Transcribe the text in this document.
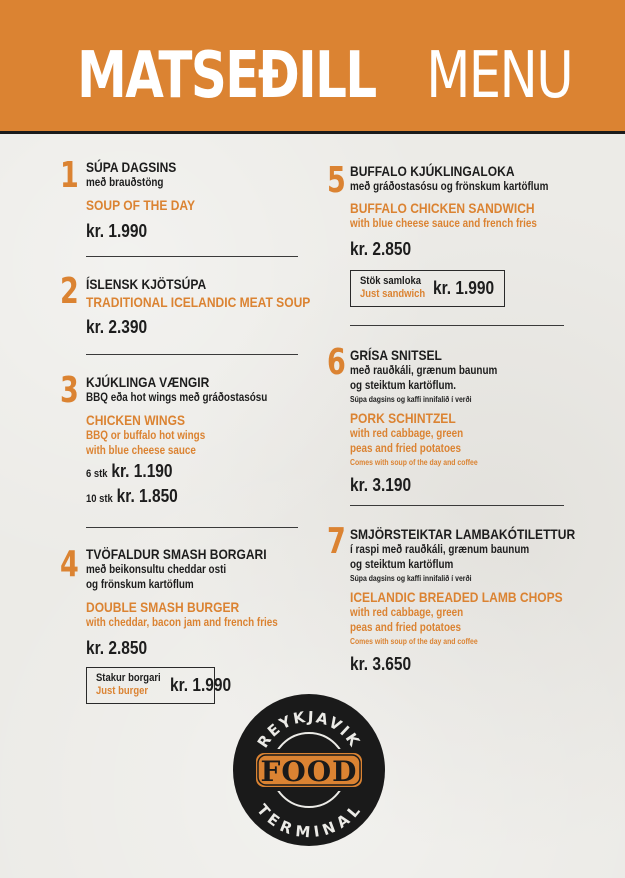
MATSEÐILL MENU
1 SÚPA DAGSINS
með brauðstöng
SOUP OF THE DAY
kr. 1.990
2 ÍSLENSK KJÖTSÚPA
TRADITIONAL ICELANDIC MEAT SOUP
kr. 2.390
3 KJÚKLINGA VÆNGIR
BBQ eða hot wings með gráðostasósu
CHICKEN WINGS
BBQ or buffalo hot wings
with blue cheese sauce
6 stk kr. 1.190
10 stk kr. 1.850
4 TVÖFALDUR SMASH BORGARI
með beikonsultu cheddar osti
og frönskum kartöflum
DOUBLE SMASH BURGER
with cheddar, bacon jam and french fries
kr. 2.850
Stakur borgari
Just burger kr. 1.990
5 BUFFALO KJÚKLINGALOKA
með gráðostasósu og frönskum kartöflum
BUFFALO CHICKEN SANDWICH
with blue cheese sauce and french fries
kr. 2.850
Stök samloka
Just sandwich kr. 1.990
6 GRÍSA SNITSEL
með rauðkáli, grænum baunum
og steiktum kartöflum.
Súpa dagsins og kaffi innifalið í verði
PORK SCHINTZEL
with red cabbage, green
peas and fried potatoes
Comes with soup of the day and coffee
kr. 3.190
7 SMJÖRSTEIKTAR LAMBAKÓTILETTUR
í raspi með rauðkáli, grænum baunum
og steiktum kartöflum
Súpa dagsins og kaffi innifalið í verði
ICELANDIC BREADED LAMB CHOPS
with red cabbage, green
peas and fried potatoes
Comes with soup of the day and coffee
kr. 3.650
REYKJAVIK
TERMINAL
FOOD
